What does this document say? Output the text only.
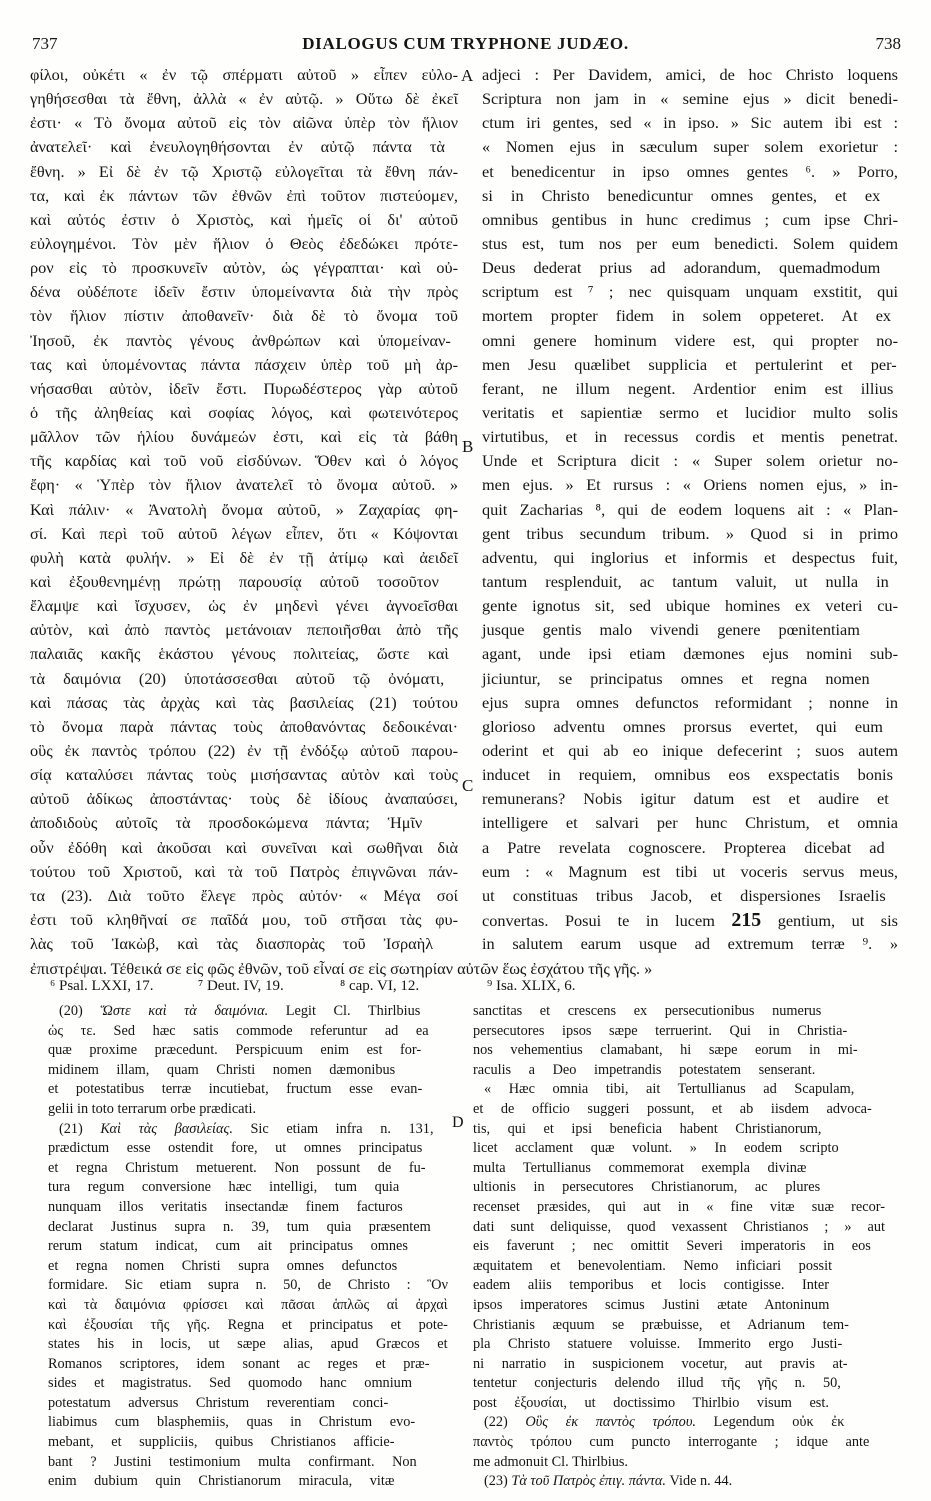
737	DIALOGUS CUM TRYPHONE JUDÆO.	738
φίλοι, οὐκέτι « ἐν τῷ σπέρματι αὐτοῦ » εἶπεν εὐλο-
γηθήσεσθαι τὰ ἔθνη, ἀλλὰ « ἐν αὐτῷ. » Οὕτω δὲ ἐκεῖ
ἐστι· « Τὸ ὄνομα αὐτοῦ εἰς τὸν αἰῶνα ὑπὲρ τὸν ἥλιον
ἀνατελεῖ· καὶ ἐνευλογηθήσονται ἐν αὐτῷ πάντα τὰ
ἔθνη. » Εἰ δὲ ἐν τῷ Χριστῷ εὐλογεῖται τὰ ἔθνη πάν-
τα, καὶ ἐκ πάντων τῶν ἐθνῶν ἐπὶ τοῦτον πιστεύομεν,
καὶ αὐτός ἐστιν ὁ Χριστὸς, καὶ ἡμεῖς οἱ δι' αὐτοῦ
εὐλογημένοι. Τὸν μὲν ἥλιον ὁ Θεὸς ἐδεδώκει πρότε-
ρον εἰς τὸ προσκυνεῖν αὐτὸν, ὡς γέγραπται· καὶ οὐ-
δένα οὐδέποτε ἰδεῖν ἔστιν ὑπομείναντα διὰ τὴν πρὸς
τὸν ἥλιον πίστιν ἀποθανεῖν· διὰ δὲ τὸ ὄνομα τοῦ
Ἰησοῦ, ἐκ παντὸς γένους ἀνθρώπων καὶ ὑπομείναν-
τας καὶ ὑπομένοντας πάντα πάσχειν ὑπὲρ τοῦ μὴ ἀρ-
νήσασθαι αὐτὸν, ἰδεῖν ἔστι. Πυρωδέστερος γὰρ αὐτοῦ
ὁ τῆς ἀληθείας καὶ σοφίας λόγος, καὶ φωτεινότερος
μᾶλλον τῶν ἡλίου δυνάμεών ἐστι, καὶ εἰς τὰ βάθη
τῆς καρδίας καὶ τοῦ νοῦ εἰσδύνων. Ὅθεν καὶ ὁ λόγος
ἔφη· « Ὑπὲρ τὸν ἥλιον ἀνατελεῖ τὸ ὄνομα αὐτοῦ. »
Καὶ πάλιν· « Ἀνατολὴ ὄνομα αὐτοῦ, » Ζαχαρίας φη-
σί. Καὶ περὶ τοῦ αὐτοῦ λέγων εἶπεν, ὅτι « Κόψονται
φυλὴ κατὰ φυλήν. » Εἰ δὲ ἐν τῇ ἀτίμῳ καὶ ἀειδεῖ
καὶ ἐξουθενημένῃ πρώτῃ παρουσίᾳ αὐτοῦ τοσοῦτον
ἔλαμψε καὶ ἴσχυσεν, ὡς ἐν μηδενὶ γένει ἀγνοεῖσθαι
αὐτὸν, καὶ ἀπὸ παντὸς μετάνοιαν πεποιῆσθαι ἀπὸ τῆς
παλαιᾶς κακῆς ἑκάστου γένους πολιτείας, ὥστε καὶ
τὰ δαιμόνια (20) ὑποτάσσεσθαι αὐτοῦ τῷ ὀνόματι,
καὶ πάσας τὰς ἀρχὰς καὶ τὰς βασιλείας (21) τούτου
τὸ ὄνομα παρὰ πάντας τοὺς ἀποθανόντας δεδοικέναι·
οὓς ἐκ παντὸς τρόπου (22) ἐν τῇ ἐνδόξῳ αὐτοῦ παρου-
σίᾳ καταλύσει πάντας τοὺς μισήσαντας αὐτὸν καὶ τοὺς
αὐτοῦ ἀδίκως ἀποστάντας· τοὺς δὲ ἰδίους ἀναπαύσει,
ἀποδιδοὺς αὐτοῖς τὰ προσδοκώμενα πάντα; Ἡμῖν
οὖν ἐδόθη καὶ ἀκοῦσαι καὶ συνεῖναι καὶ σωθῆναι διὰ
τούτου τοῦ Χριστοῦ, καὶ τὰ τοῦ Πατρὸς ἐπιγνῶναι πάν-
τα (23). Διὰ τοῦτο ἔλεγε πρὸς αὐτόν· « Μέγα σοί
ἐστι τοῦ κληθῆναί σε παῖδά μου, τοῦ στῆσαι τὰς φυ-
λὰς τοῦ Ἰακὼβ, καὶ τὰς διασπορὰς τοῦ Ἰσραὴλ
adjeci : Per Davidem, amici, de hoc Christo loquens
Scriptura non jam in « semine ejus » dicit benedi-
ctum iri gentes, sed « in ipso. » Sic autem ibi est :
« Nomen ejus in sæculum super solem exorietur :
et benedicentur in ipso omnes gentes ⁶. » Porro,
si in Christo benedicuntur omnes gentes, et ex
omnibus gentibus in hunc credimus ; cum ipse Chri-
stus est, tum nos per eum benedicti. Solem quidem
Deus dederat prius ad adorandum, quemadmodum
scriptum est ⁷ ; nec quisquam unquam exstitit, qui
mortem propter fidem in solem oppeteret. At ex
omni genere hominum videre est, qui propter no-
men Jesu quælibet supplicia et pertulerint et per-
ferant, ne illum negent. Ardentior enim est illius
veritatis et sapientiæ sermo et lucidior multo solis
virtutibus, et in recessus cordis et mentis penetrat.
Unde et Scriptura dicit : « Super solem orietur no-
men ejus. » Et rursus : « Oriens nomen ejus, » in-
quit Zacharias ⁸, qui de eodem loquens ait : « Plan-
gent tribus secundum tribum. » Quod si in primo
adventu, qui inglorius et informis et despectus fuit,
tantum resplenduit, ac tantum valuit, ut nulla in
gente ignotus sit, sed ubique homines ex veteri cu-
jusque gentis malo vivendi genere pœnitentiam
agant, unde ipsi etiam dæmones ejus nomini sub-
jiciuntur, se principatus omnes et regna nomen
ejus supra omnes defunctos reformidant ; nonne in
glorioso adventu omnes prorsus evertet, qui eum
oderint et qui ab eo inique defecerint ; suos autem
inducet in requiem, omnibus eos exspectatis bonis
remunerans? Nobis igitur datum est et audire et
intelligere et salvari per hunc Christum, et omnia
a Patre revelata cognoscere. Propterea dicebat ad
eum : « Magnum est tibi ut voceris servus meus,
ut constituas tribus Jacob, et dispersiones Israelis
convertas. Posui te in lucem 215 gentium, ut sis
in salutem earum usque ad extremum terræ ⁹. »
A
B
C
D
ἐπιστρέψαι. Τέθεικά σε εἰς φῶς ἐθνῶν, τοῦ εἶναί σε εἰς σωτηρίαν αὐτῶν ἕως ἐσχάτου τῆς γῆς. »
⁶ Psal. LXXI, 17.	⁷ Deut. IV, 19.	⁸ cap. VI, 12.	⁹ Isa. XLIX, 6.
(20) Ὥστε καὶ τὰ δαιμόνια. Legit Cl. Thirlbius
ὡς τε. Sed hæc satis commode referuntur ad ea
quæ proxime præcedunt. Perspicuum enim est for-
midinem illam, quam Christi nomen dæmonibus
et potestatibus terræ incutiebat, fructum esse evan-
gelii in toto terrarum orbe prædicati.
(21) Καὶ τὰς βασιλείας. Sic etiam infra n. 131,
prædictum esse ostendit fore, ut omnes principatus
et regna Christum metuerent. Non possunt de fu-
tura regum conversione hæc intelligi, tum quia
nunquam illos veritatis insectandæ finem facturos
declarat Justinus supra n. 39, tum quia præsentem
rerum statum indicat, cum ait principatus omnes
et regna nomen Christi supra omnes defunctos
formidare. Sic etiam supra n. 50, de Christo : Ὃν
καὶ τὰ δαιμόνια φρίσσει καὶ πᾶσαι ἁπλῶς αἱ ἀρχαὶ
καὶ ἐξουσίαι τῆς γῆς. Regna et principatus et pote-
states his in locis, ut sæpe alias, apud Græcos et
Romanos scriptores, idem sonant ac reges et præ-
sides et magistratus. Sed quomodo hanc omnium
potestatum adversus Christum reverentiam conci-
liabimus cum blasphemiis, quas in Christum evo-
mebant, et suppliciis, quibus Christianos afficie-
bant ? Justini testimonium multa confirmant. Non
enim dubium quin Christianorum miracula, vitæ
sanctitas et crescens ex persecutionibus numerus
persecutores ipsos sæpe terruerint. Qui in Christia-
nos vehementius clamabant, hi sæpe eorum in mi-
raculis a Deo impetrandis potestatem senserant.
« Hæc omnia tibi, ait Tertullianus ad Scapulam,
et de officio suggeri possunt, et ab iisdem advoca-
tis, qui et ipsi beneficia habent Christianorum,
licet acclament quæ volunt. » In eodem scripto
multa Tertullianus commemorat exempla divinæ
ultionis in persecutores Christianorum, ac plures
recenset præsides, qui aut in « fine vitæ suæ recor-
dati sunt deliquisse, quod vexassent Christianos ; » aut
eis faverunt ; nec omittit Severi imperatoris in eos
æquitatem et benevolentiam. Nemo inficiari possit
eadem aliis temporibus et locis contigisse. Inter
ipsos imperatores scimus Justini ætate Antoninum
Christianis æquum se præbuisse, et Adrianum tem-
pla Christo statuere voluisse. Immerito ergo Justi-
ni narratio in suspicionem vocetur, aut pravis at-
tentetur conjecturis delendo illud τῆς γῆς n. 50,
post ἐξουσίαι, ut doctissimo Thirlbio visum est.
(22) Οὓς ἐκ παντὸς τρόπου. Legendum οὐκ ἐκ
παντὸς τρόπου cum puncto interrogante ; idque ante
me admonuit Cl. Thirlbius.
(23) Τὰ τοῦ Πατρὸς ἐπιγ. πάντα. Vide n. 44.
